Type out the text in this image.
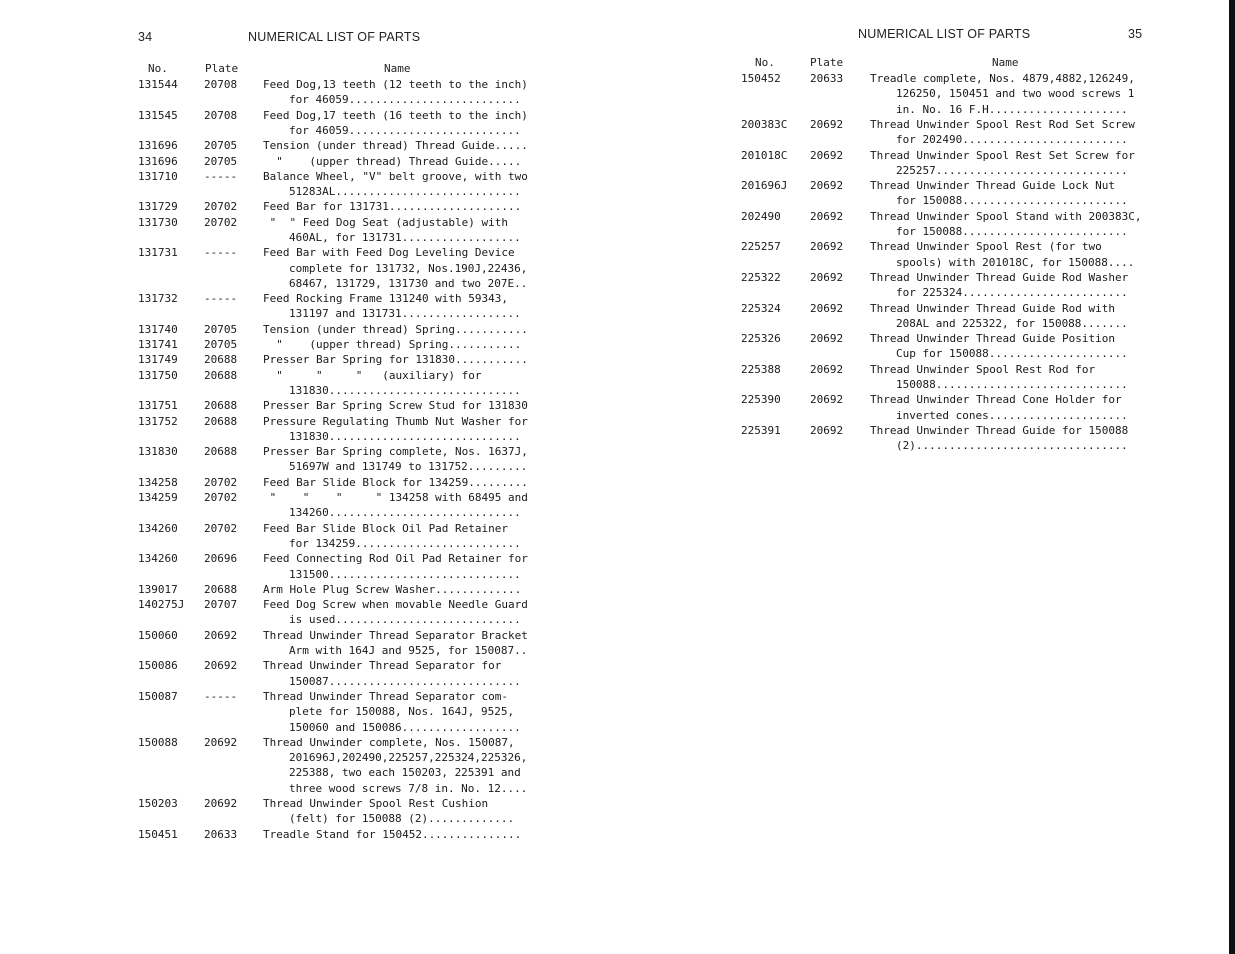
34	NUMERICAL LIST OF PARTS
No.	Plate	Name
131544 20708 Feed Dog,13 teeth (12 teeth to the inch)
for 46059..........................
131545 20708 Feed Dog,17 teeth (16 teeth to the inch)
for 46059..........................
131696 20705 Tension (under thread) Thread Guide.....
131696 20705 "    (upper thread) Thread Guide.....
131710 ----- Balance Wheel, "V" belt groove, with two
51283AL............................
131729 20702 Feed Bar for 131731....................
131730 20702 "  " Feed Dog Seat (adjustable) with
460AL, for 131731..................
131731 ----- Feed Bar with Feed Dog Leveling Device
complete for 131732, Nos.190J,22436,
68467, 131729, 131730 and two 207E..
131732 ----- Feed Rocking Frame 131240 with 59343,
131197 and 131731..................
131740 20705 Tension (under thread) Spring...........
131741 20705 "    (upper thread) Spring...........
131749 20688 Presser Bar Spring for 131830...........
131750 20688 "     "     "   (auxiliary) for
131830.............................
131751 20688 Presser Bar Spring Screw Stud for 131830
131752 20688 Pressure Regulating Thumb Nut Washer for
131830.............................
131830 20688 Presser Bar Spring complete, Nos. 1637J,
51697W and 131749 to 131752.........
134258 20702 Feed Bar Slide Block for 134259.........
134259 20702 "    "    "     " 134258 with 68495 and
134260.............................
134260 20702 Feed Bar Slide Block Oil Pad Retainer
for 134259.........................
134260 20696 Feed Connecting Rod Oil Pad Retainer for
131500.............................
139017 20688 Arm Hole Plug Screw Washer.............
140275J 20707 Feed Dog Screw when movable Needle Guard
is used............................
150060 20692 Thread Unwinder Thread Separator Bracket
Arm with 164J and 9525, for 150087..
150086 20692 Thread Unwinder Thread Separator for
150087.............................
150087 ----- Thread Unwinder Thread Separator com-
plete for 150088, Nos. 164J, 9525,
150060 and 150086..................
150088 20692 Thread Unwinder complete, Nos. 150087,
201696J,202490,225257,225324,225326,
225388, two each 150203, 225391 and
three wood screws 7/8 in. No. 12....
150203 20692 Thread Unwinder Spool Rest Cushion
(felt) for 150088 (2).............
150451 20633 Treadle Stand for 150452...............
NUMERICAL LIST OF PARTS	35
No.	Plate	Name
150452	20633 Treadle complete, Nos. 4879,4882,126249,
126250, 150451 and two wood screws 1
in. No. 16 F.H.....................
200383C 20692 Thread Unwinder Spool Rest Rod Set Screw
for 202490.........................
201018C 20692 Thread Unwinder Spool Rest Set Screw for
225257.............................
201696J 20692 Thread Unwinder Thread Guide Lock Nut
for 150088.........................
202490	20692 Thread Unwinder Spool Stand with 200383C,
for 150088.........................
225257	20692 Thread Unwinder Spool Rest (for two
spools) with 201018C, for 150088....
225322	20692 Thread Unwinder Thread Guide Rod Washer
for 225324.........................
225324	20692 Thread Unwinder Thread Guide Rod with
208AL and 225322, for 150088.......
225326	20692 Thread Unwinder Thread Guide Position
Cup for 150088.....................
225388	20692 Thread Unwinder Spool Rest Rod for
150088.............................
225390	20692 Thread Unwinder Thread Cone Holder for
inverted cones.....................
225391	20692 Thread Unwinder Thread Guide for 150088
(2)................................
